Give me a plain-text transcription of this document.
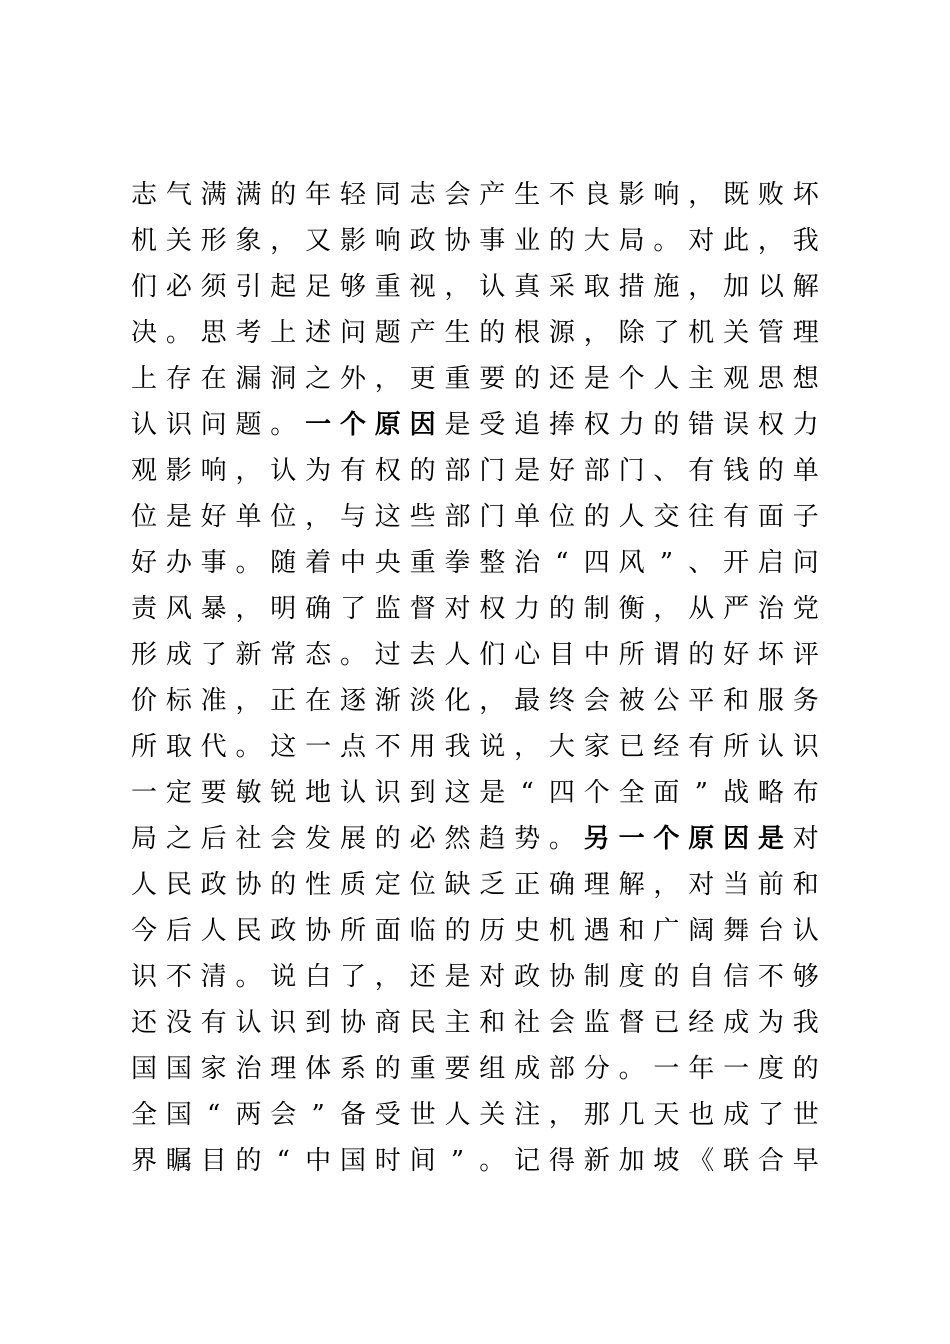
志 气 满 满 的 年 轻 同 志 会 产 生 不 良 影 响 ， 既 败 坏
机 关 形 象 ， 又 影 响 政 协 事 业 的 大 局 。 对 此 ， 我
们 必 须 引 起 足 够 重 视 ， 认 真 采 取 措 施 ， 加 以 解
决 。 思 考 上 述 问 题 产 生 的 根 源 ， 除 了 机 关 管 理
上 存 在 漏 洞 之 外 ， 更 重 要 的 还 是 个 人 主 观 思 想
认 识 问 题 。 一 个 原 因 是 受 追 捧 权 力 的 错 误 权 力
观 影 响 ， 认 为 有 权 的 部 门 是 好 部 门 、 有 钱 的 单
位 是 好 单 位 ， 与 这 些 部 门 单 位 的 人 交 往 有 面 子
好 办 事 。 随 着 中 央 重 拳 整 治 “ 四 风 ” 、 开 启 问
责 风 暴 ， 明 确 了 监 督 对 权 力 的 制 衡 ， 从 严 治 党
形 成 了 新 常 态 。 过 去 人 们 心 目 中 所 谓 的 好 坏 评
价 标 准 ， 正 在 逐 渐 淡 化 ， 最 终 会 被 公 平 和 服 务
所 取 代 。 这 一 点 不 用 我 说 ， 大 家 已 经 有 所 认 识
一 定 要 敏 锐 地 认 识 到 这 是 “ 四 个 全 面 ” 战 略 布
局 之 后 社 会 发 展 的 必 然 趋 势 。 另 一 个 原 因 是 对
人 民 政 协 的 性 质 定 位 缺 乏 正 确 理 解 ， 对 当 前 和
今 后 人 民 政 协 所 面 临 的 历 史 机 遇 和 广 阔 舞 台 认
识 不 清 。 说 白 了 ， 还 是 对 政 协 制 度 的 自 信 不 够
还 没 有 认 识 到 协 商 民 主 和 社 会 监 督 已 经 成 为 我
国 国 家 治 理 体 系 的 重 要 组 成 部 分 。 一 年 一 度 的
全 国 “ 两 会 ” 备 受 世 人 关 注 ， 那 几 天 也 成 了 世
界 瞩 目 的 “ 中 国 时 间 ” 。 记 得 新 加 坡 《 联 合 早
